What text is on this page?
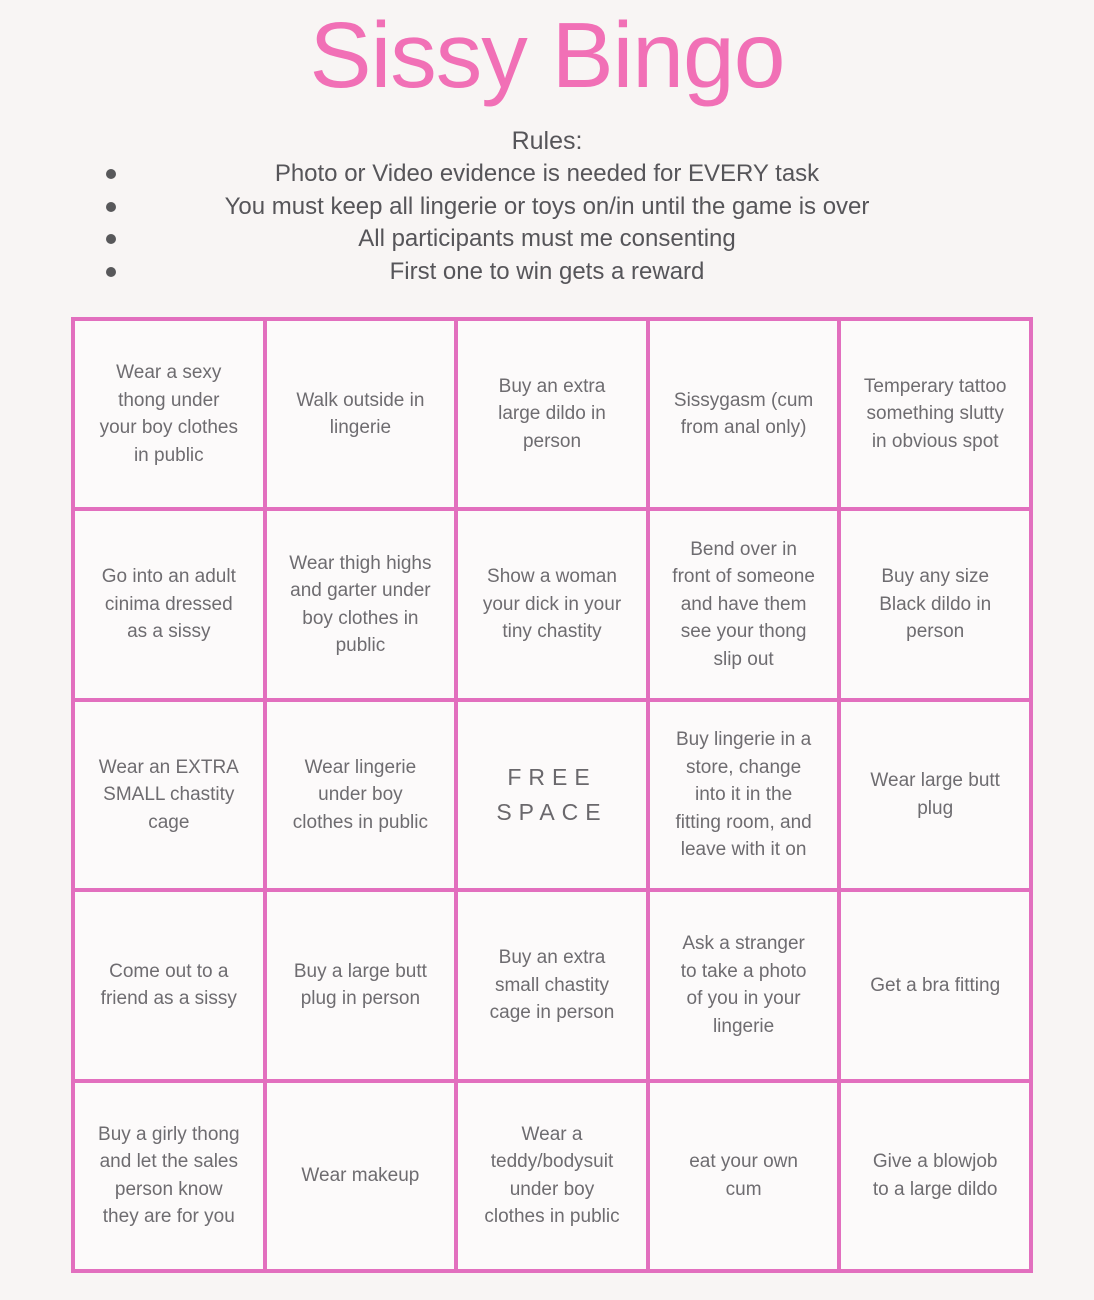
Sissy Bingo
Rules:
Photo or Video evidence is needed for EVERY task
You must keep all lingerie or toys on/in until the game is over
All participants must me consenting
First one to win gets a reward
Wear a sexy thong under your boy clothes in public
Walk outside in lingerie
Buy an extra large dildo in person
Sissygasm (cum from anal only)
Temperary tattoo something slutty in obvious spot
Go into an adult cinima dressed as a sissy
Wear thigh highs and garter under boy clothes in public
Show a woman your dick in your tiny chastity
Bend over in front of someone and have them see your thong slip out
Buy any size Black dildo in person
Wear an EXTRA SMALL chastity cage
Wear lingerie under boy clothes in public
FREE SPACE
Buy lingerie in a store, change into it in the fitting room, and leave with it on
Wear large butt plug
Come out to a friend as a sissy
Buy a large butt plug in person
Buy an extra small chastity cage in person
Ask a stranger to take a photo of you in your lingerie
Get a bra fitting
Buy a girly thong and let the sales person know they are for you
Wear makeup
Wear a teddy/bodysuit under boy clothes in public
eat your own cum
Give a blowjob to a large dildo
